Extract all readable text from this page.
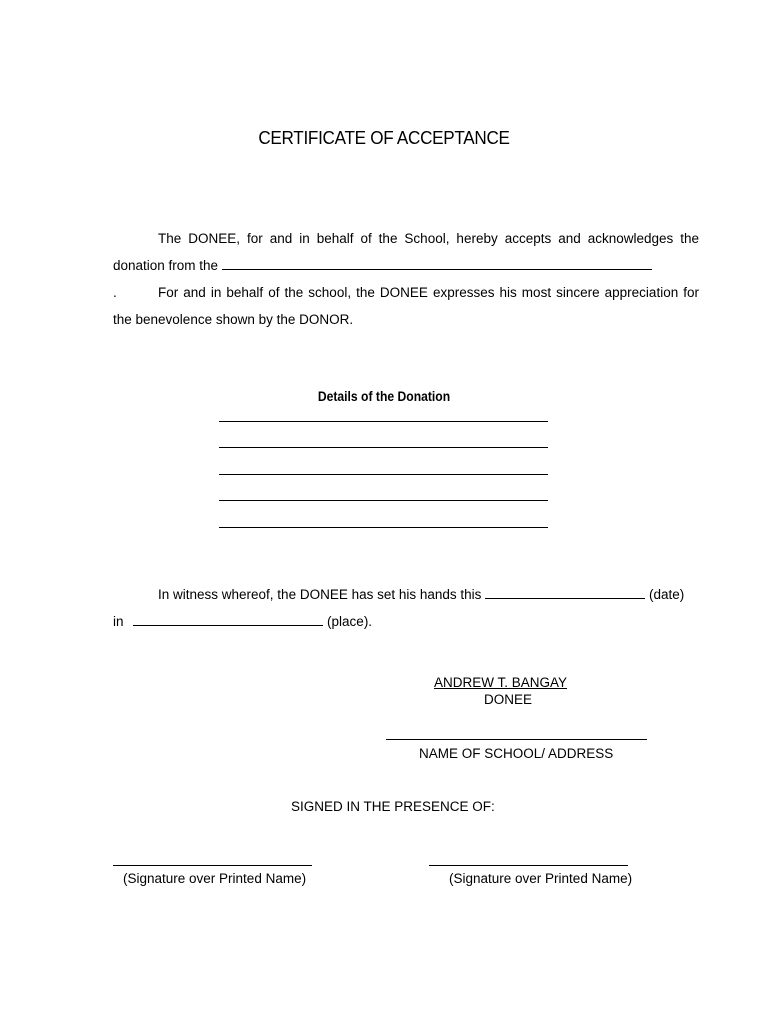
CERTIFICATE OF ACCEPTANCE
The DONEE, for and in behalf of the School, hereby accepts and acknowledges the
donation from the .	For and in behalf of the school, the DONEE expresses his most sincere appreciation for
the benevolence shown by the DONOR.
Details of the Donation
In witness whereof, the DONEE has set his hands this	(date)
in	(place).
ANDREW T. BANGAY
DONEE
NAME OF SCHOOL/ ADDRESS
SIGNED IN THE PRESENCE OF:
(Signature over Printed Name)	(Signature over Printed Name)
